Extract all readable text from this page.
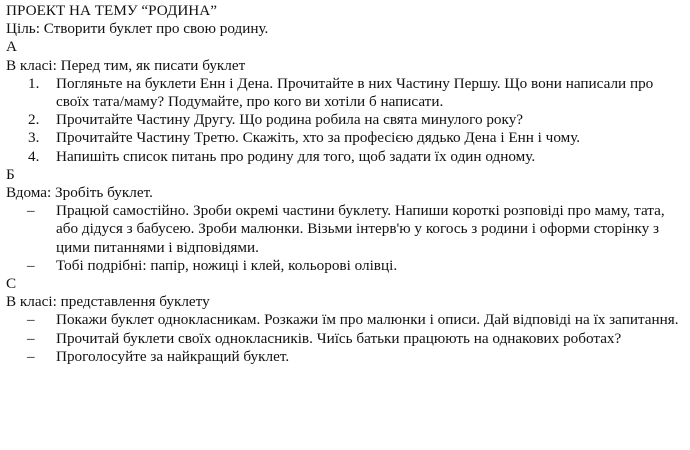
ПРОЕКТ НА ТЕМУ “РОДИНА”
Ціль: Створити буклет про свою родину.
А
В класі: Перед тим, як писати буклет
1. Погляньте на буклети Енн і Дена. Прочитайте в них Частину Першу. Що вони написали про своїх тата/маму? Подумайте, про кого ви хотіли б написати.
2. Прочитайте Частину Другу. Що родина робила на свята минулого року?
3. Прочитайте Частину Третю. Скажіть, хто за професією дядько Дена і Енн і чому.
4. Напишіть список питань про родину для того, щоб задати їх один одному.
Б
Вдома: Зробіть буклет.
– Працюй самостійно. Зроби окремі частини буклету. Напиши короткі розповіді про маму, тата, або дідуся з бабусею. Зроби малюнки. Візьми інтерв'ю у когось з родини і оформи сторінку з цими питаннями і відповідями.
– Тобі подрібні: папір, ножиці і клей, кольорові олівці.
С
В класі: представлення буклету
– Покажи буклет однокласникам. Розкажи їм про малюнки і описи. Дай відповіді на їх запитання.
– Прочитай буклети своїх однокласників. Чиїсь батьки працюють на однакових роботах?
– Проголосуйте за найкращий буклет.
